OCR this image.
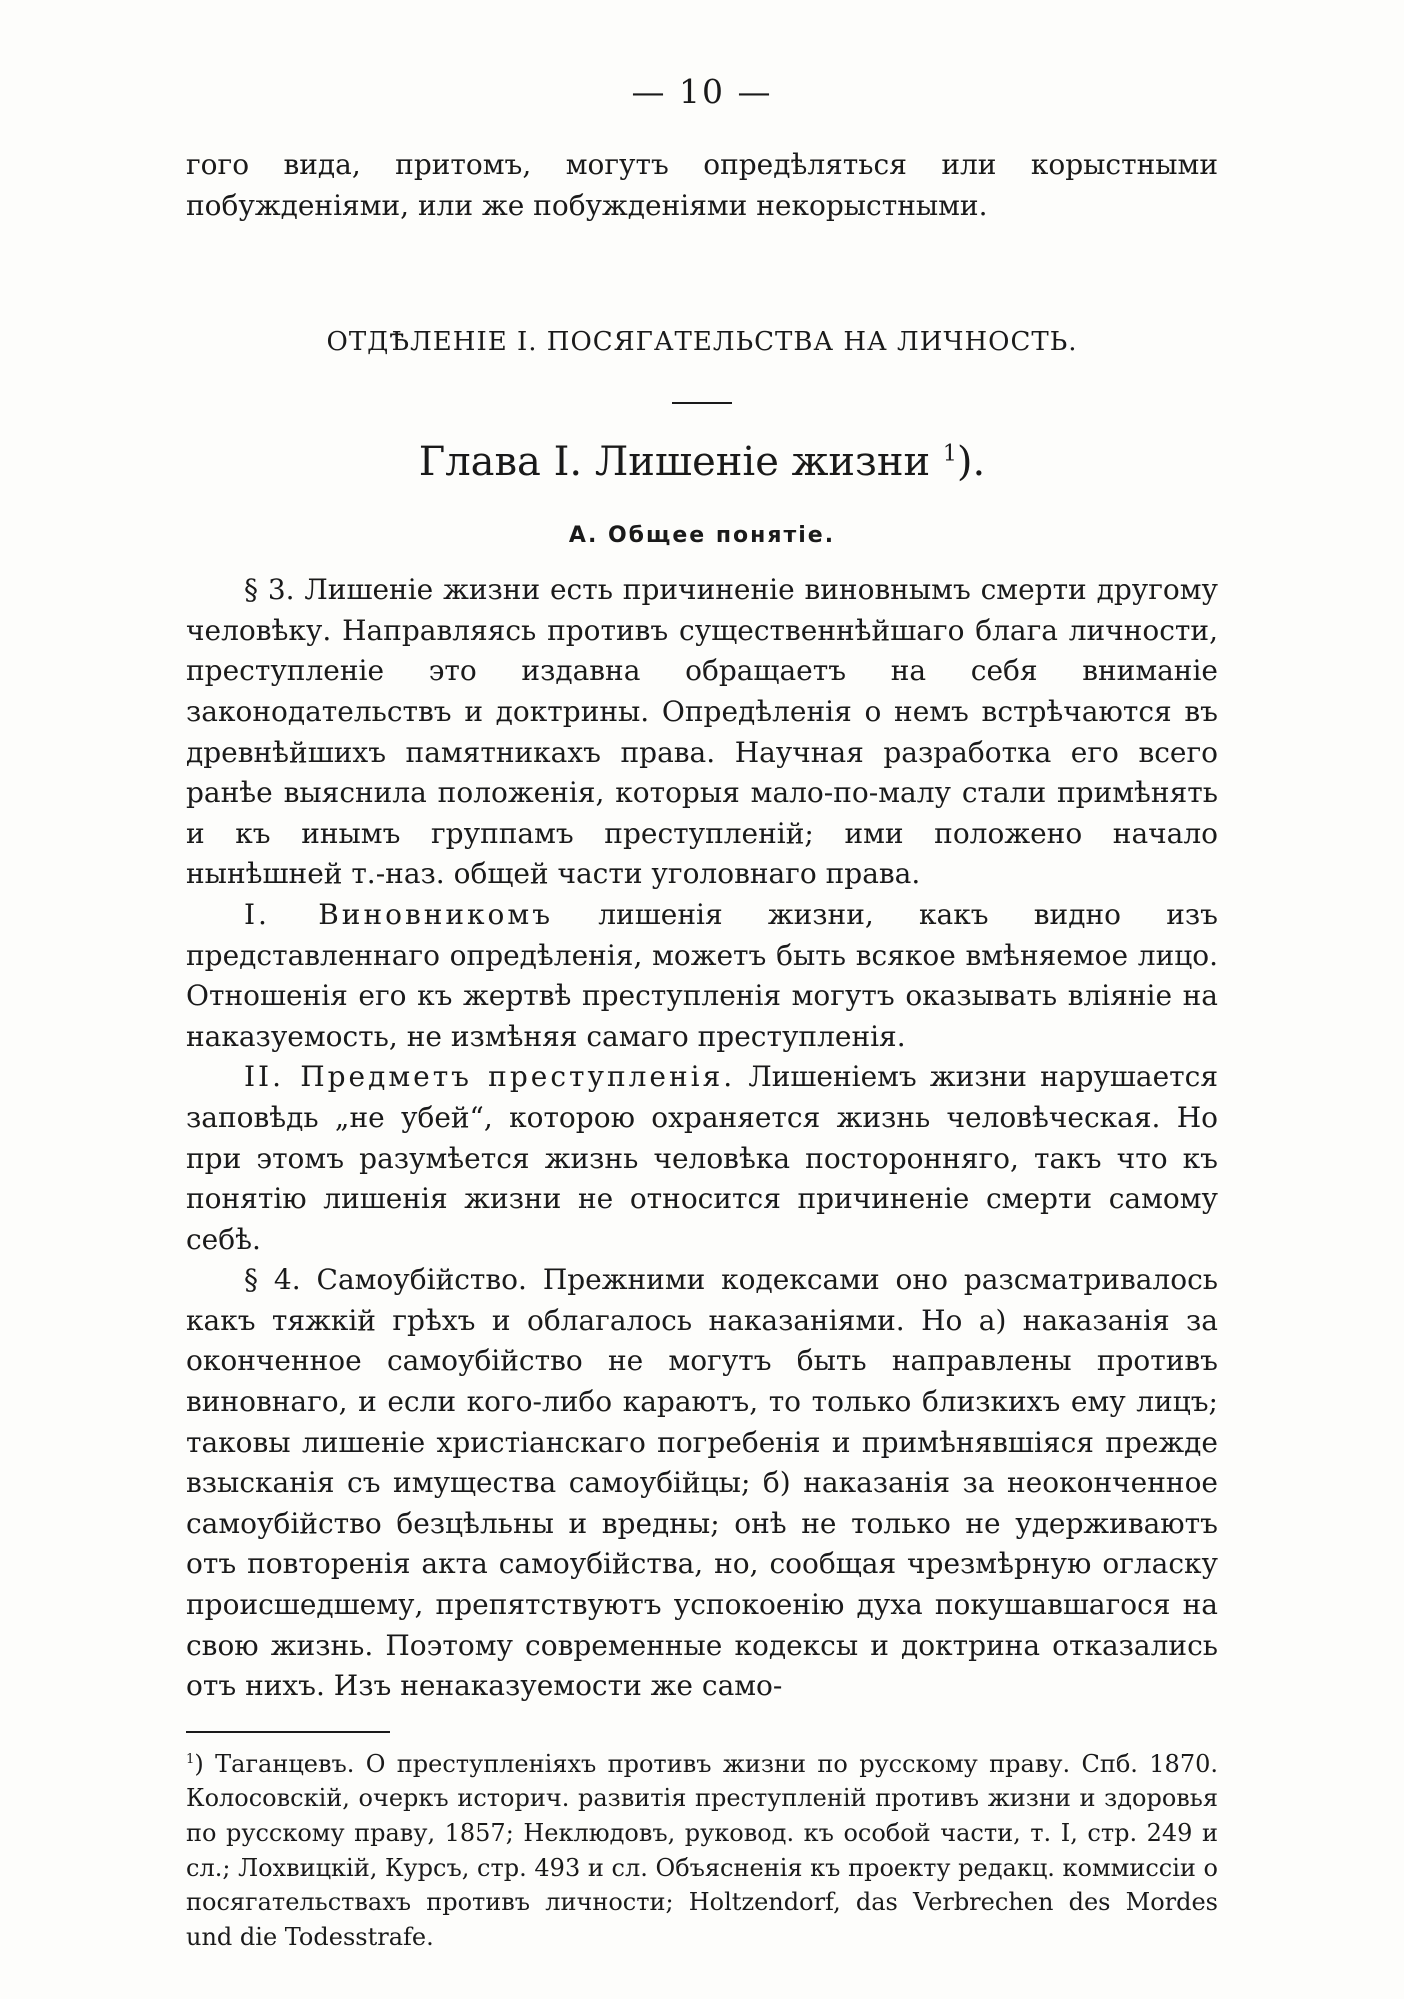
— 10 —

гого вида, притомъ, могутъ опредѣляться или корыстными побужденіями, или же побужденіями некорыстными.

ОТДѢЛЕНІЕ I. ПОСЯГАТЕЛЬСТВА НА ЛИЧНОСТЬ.
Глава I. Лишеніе жизни $^1$).
А. Общее понятіе.

§ 3. Лишеніе жизни есть причиненіе виновнымъ смерти другому человѣку. Направляясь противъ существеннѣйшаго блага личности, преступленіе это издавна обращаетъ на себя вниманіе законодательствъ и доктрины. Опредѣленія о немъ встрѣчаются въ древнѣйшихъ памятникахъ права. Научная разработка его всего ранѣе выяснила положенія, которыя мало-по-малу стали примѣнять и къ инымъ группамъ преступленій; ими положено начало нынѣшней т.-наз. общей части уголовнаго права.

I. Виновникомъ лишенія жизни, какъ видно изъ представленнаго опредѣленія, можетъ быть всякое вмѣняемое лицо. Отношенія его къ жертвѣ преступленія могутъ оказывать вліяніе на наказуемость, не измѣняя самаго преступленія.

II. Предметъ преступленія. Лишеніемъ жизни нарушается заповѣдь „не убей“, которою охраняется жизнь человѣческая. Но при этомъ разумѣется жизнь человѣка посторонняго, такъ что къ понятію лишенія жизни не относится причиненіе смерти самому себѣ.

§ 4. Самоубійство. Прежними кодексами оно разсматривалось какъ тяжкій грѣхъ и облагалось наказаніями. Но а) наказанія за оконченное самоубійство не могутъ быть направлены противъ виновнаго, и если кого-либо караютъ, то только близкихъ ему лицъ; таковы лишеніе христіанскаго погребенія и примѣнявшіяся прежде взысканія съ имущества самоубійцы; б) наказанія за неоконченное самоубійство безцѣльны и вредны; онѣ не только не удерживаютъ отъ повторенія акта самоубійства, но, сообщая чрезмѣрную огласку происшедшему, препятствуютъ успокоенію духа покушавшагося на свою жизнь. Поэтому современные кодексы и доктрина отказались отъ нихъ. Изъ ненаказуемости же само-

$^1$) Таганцевъ. О преступленіяхъ противъ жизни по русскому праву. Спб. 1870. Колосовскій, очеркъ историч. развитія преступленій противъ жизни и здоровья по русскому праву, 1857; Неклюдовъ, руковод. къ особой части, т. I, стр. 249 и сл.; Лохвицкій, Курсъ, стр. 493 и сл. Объясненія къ проекту редакц. коммиссіи о посягательствахъ противъ личности; Holtzendorf, das Verbrechen des Mordes und die Todesstrafe.
